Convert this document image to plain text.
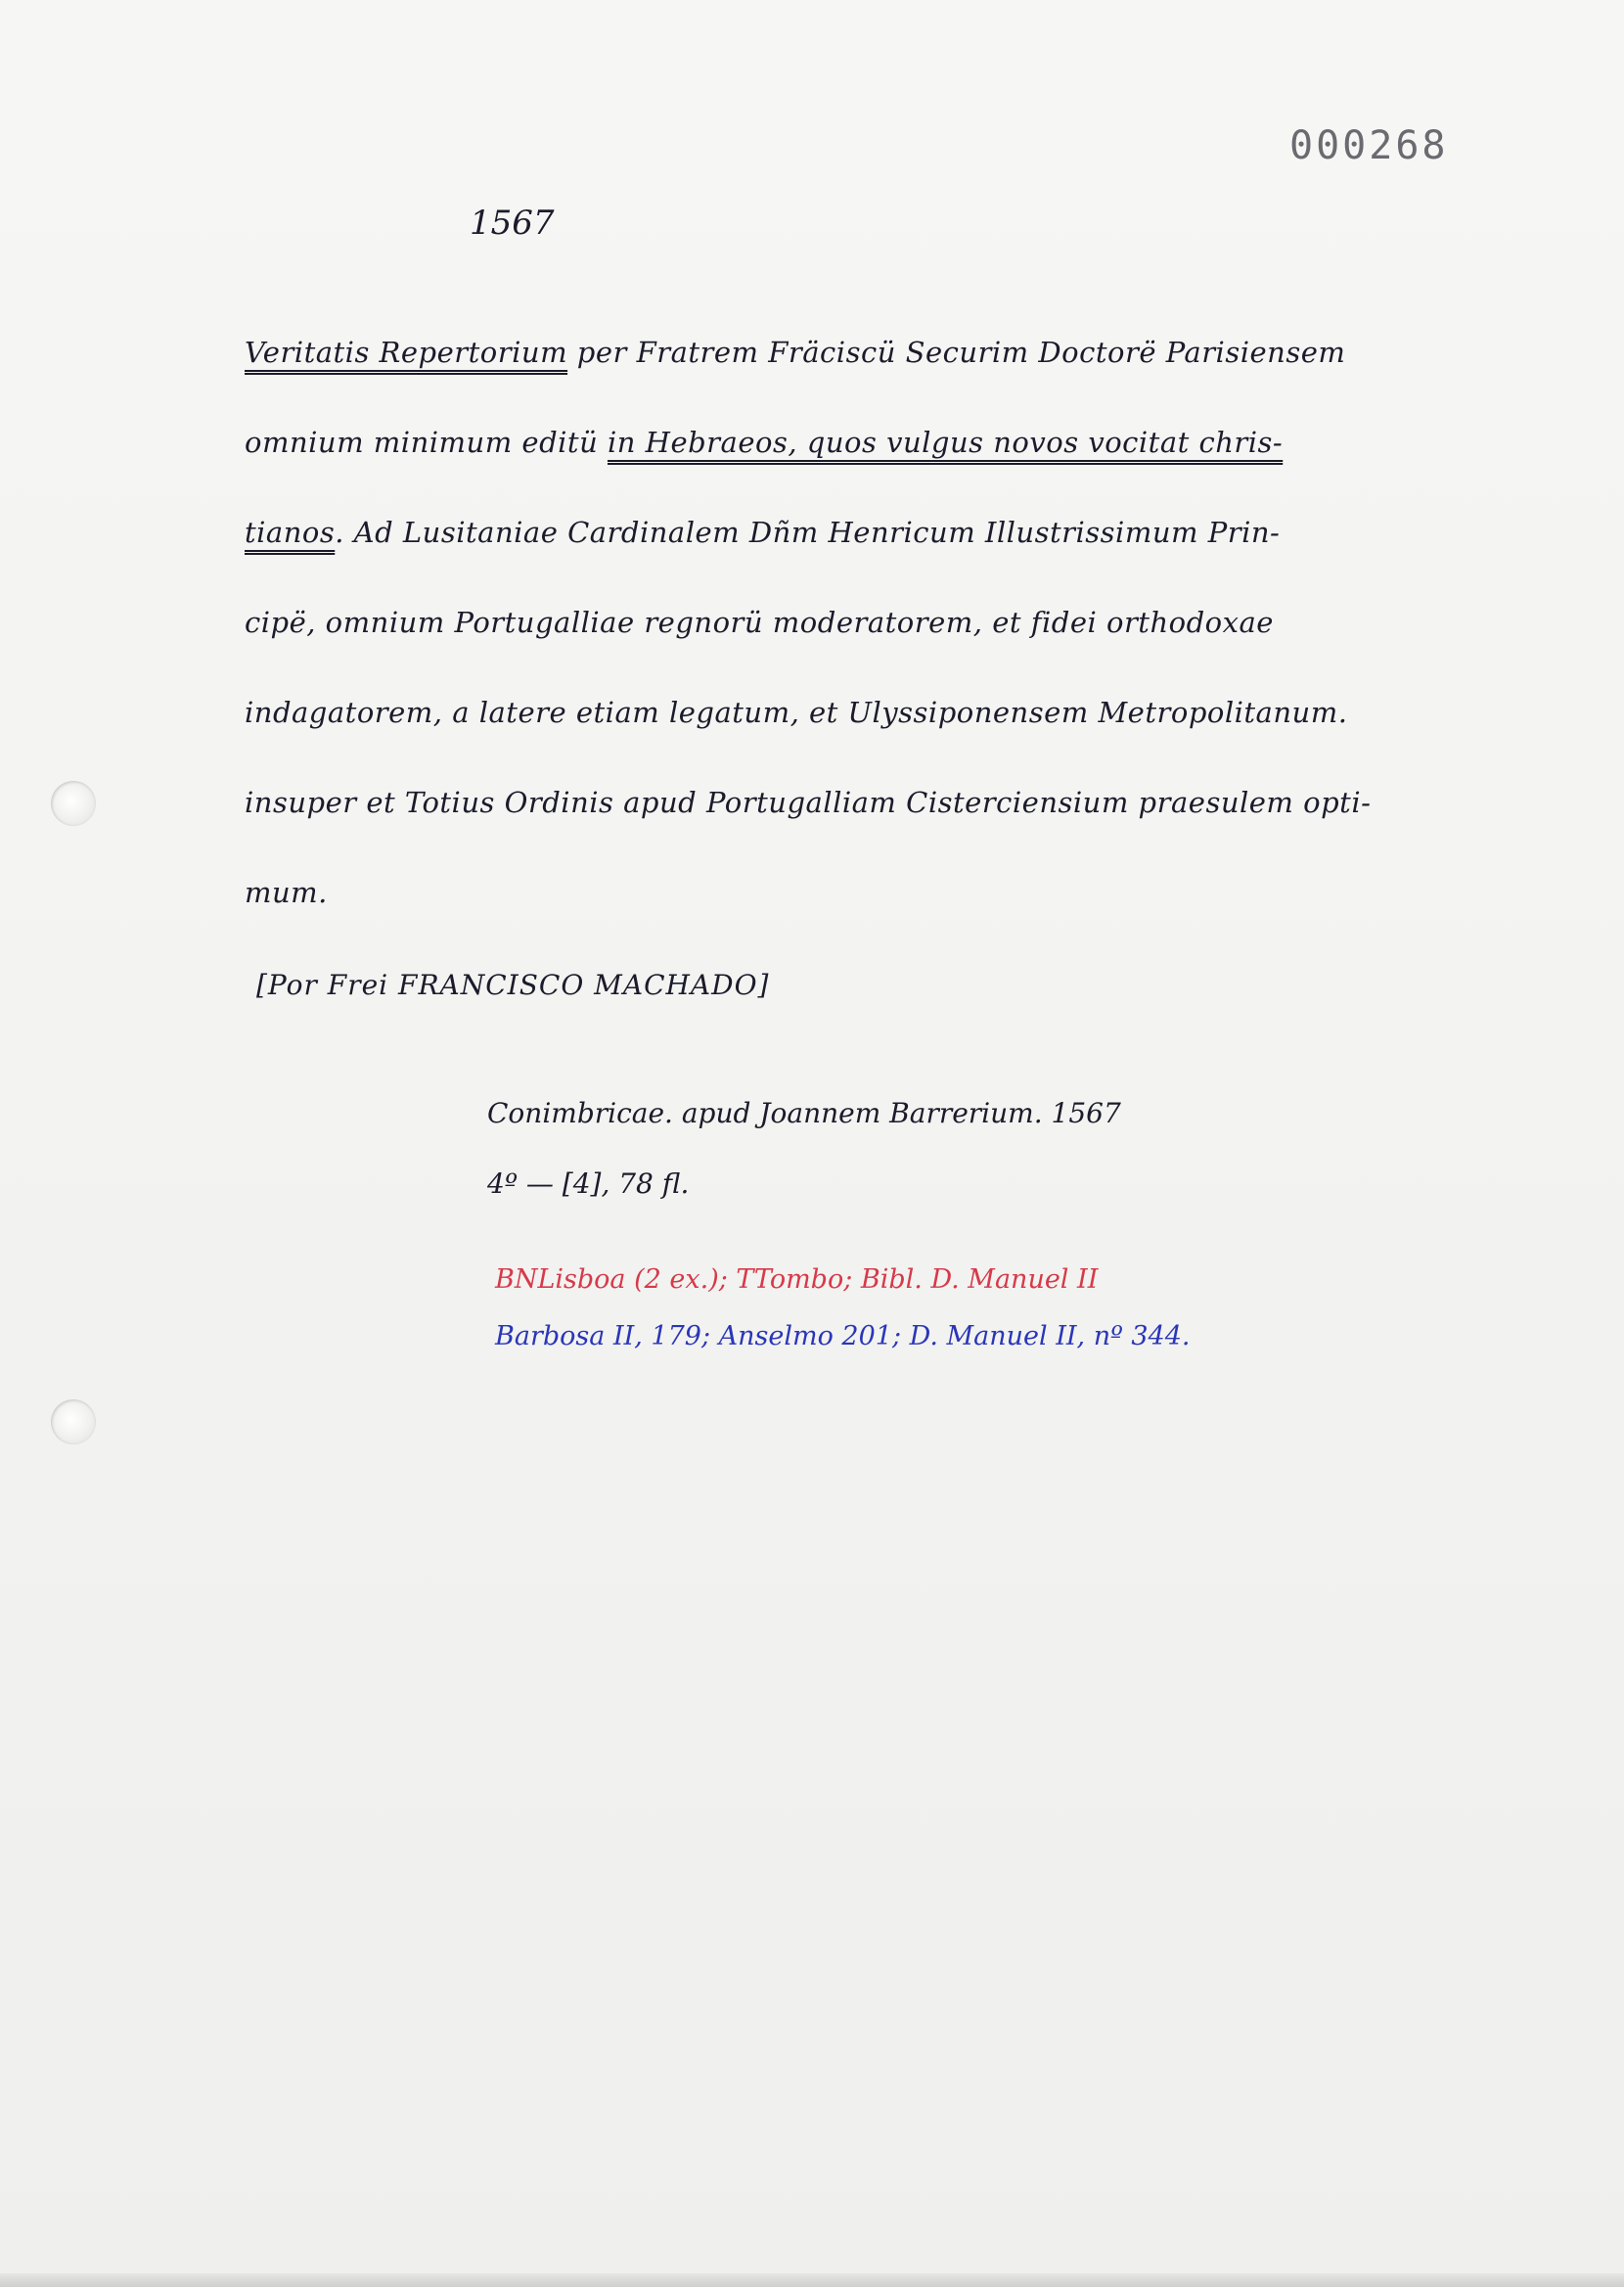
000268
1567
Veritatis Repertorium per Fratrem Fräciscü Securim Doctorë Parisiensem
omnium minimum editü in Hebraeos, quos vulgus novos vocitat chris-
tianos. Ad Lusitaniae Cardinalem Dñm Henricum Illustrissimum Prin-
cipë, omnium Portugalliae regnorü moderatorem, et fidei orthodoxae
indagatorem, a latere etiam legatum, et Ulyssiponensem Metropolitanum.
insuper et Totius Ordinis apud Portugalliam Cisterciensium praesulem opti-
mum.
[Por Frei FRANCISCO MACHADO]
Conimbricae. apud Joannem Barrerium. 1567
4º — [4], 78 fl.
BNLisboa (2 ex.); TTombo; Bibl. D. Manuel II
Barbosa II, 179; Anselmo 201; D. Manuel II, nº 344.
